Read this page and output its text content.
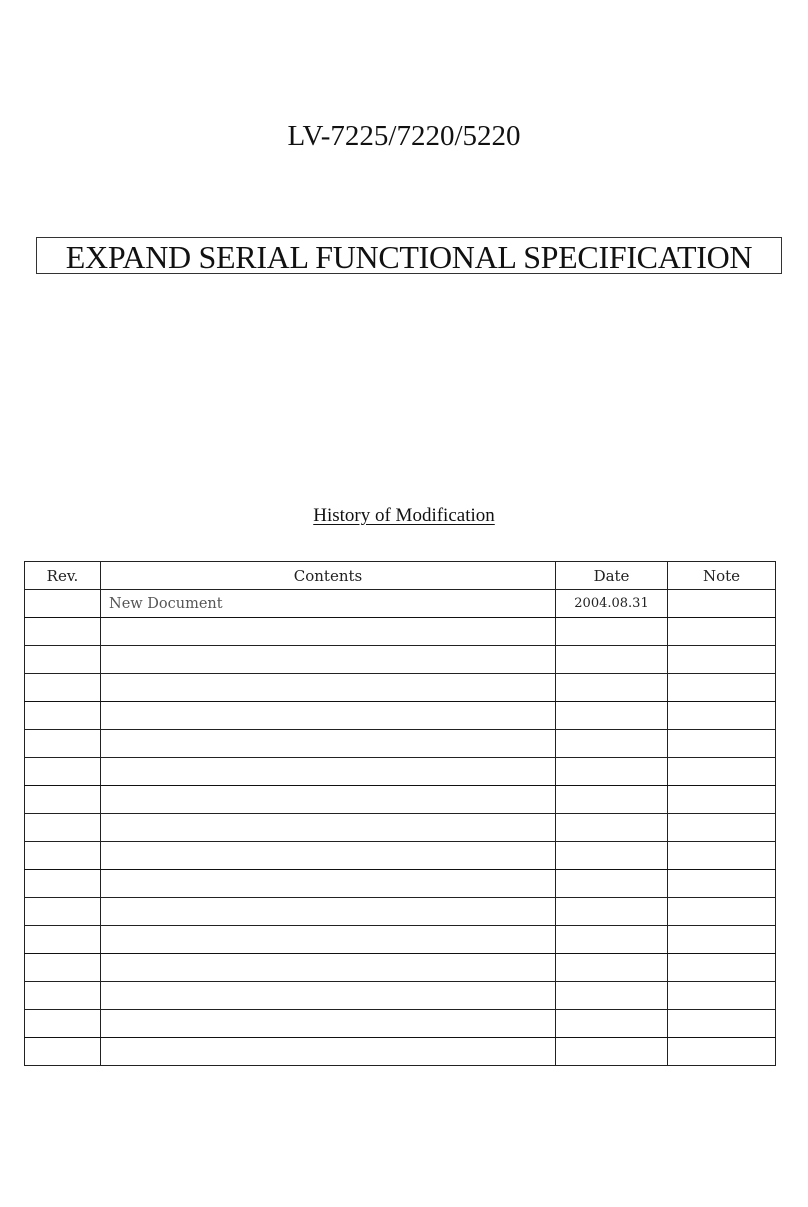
LV-7225/7220/5220
EXPAND SERIAL FUNCTIONAL SPECIFICATION
History of Modification
Rev.	Contents	Date	Note
	New Document	2004.08.31	
